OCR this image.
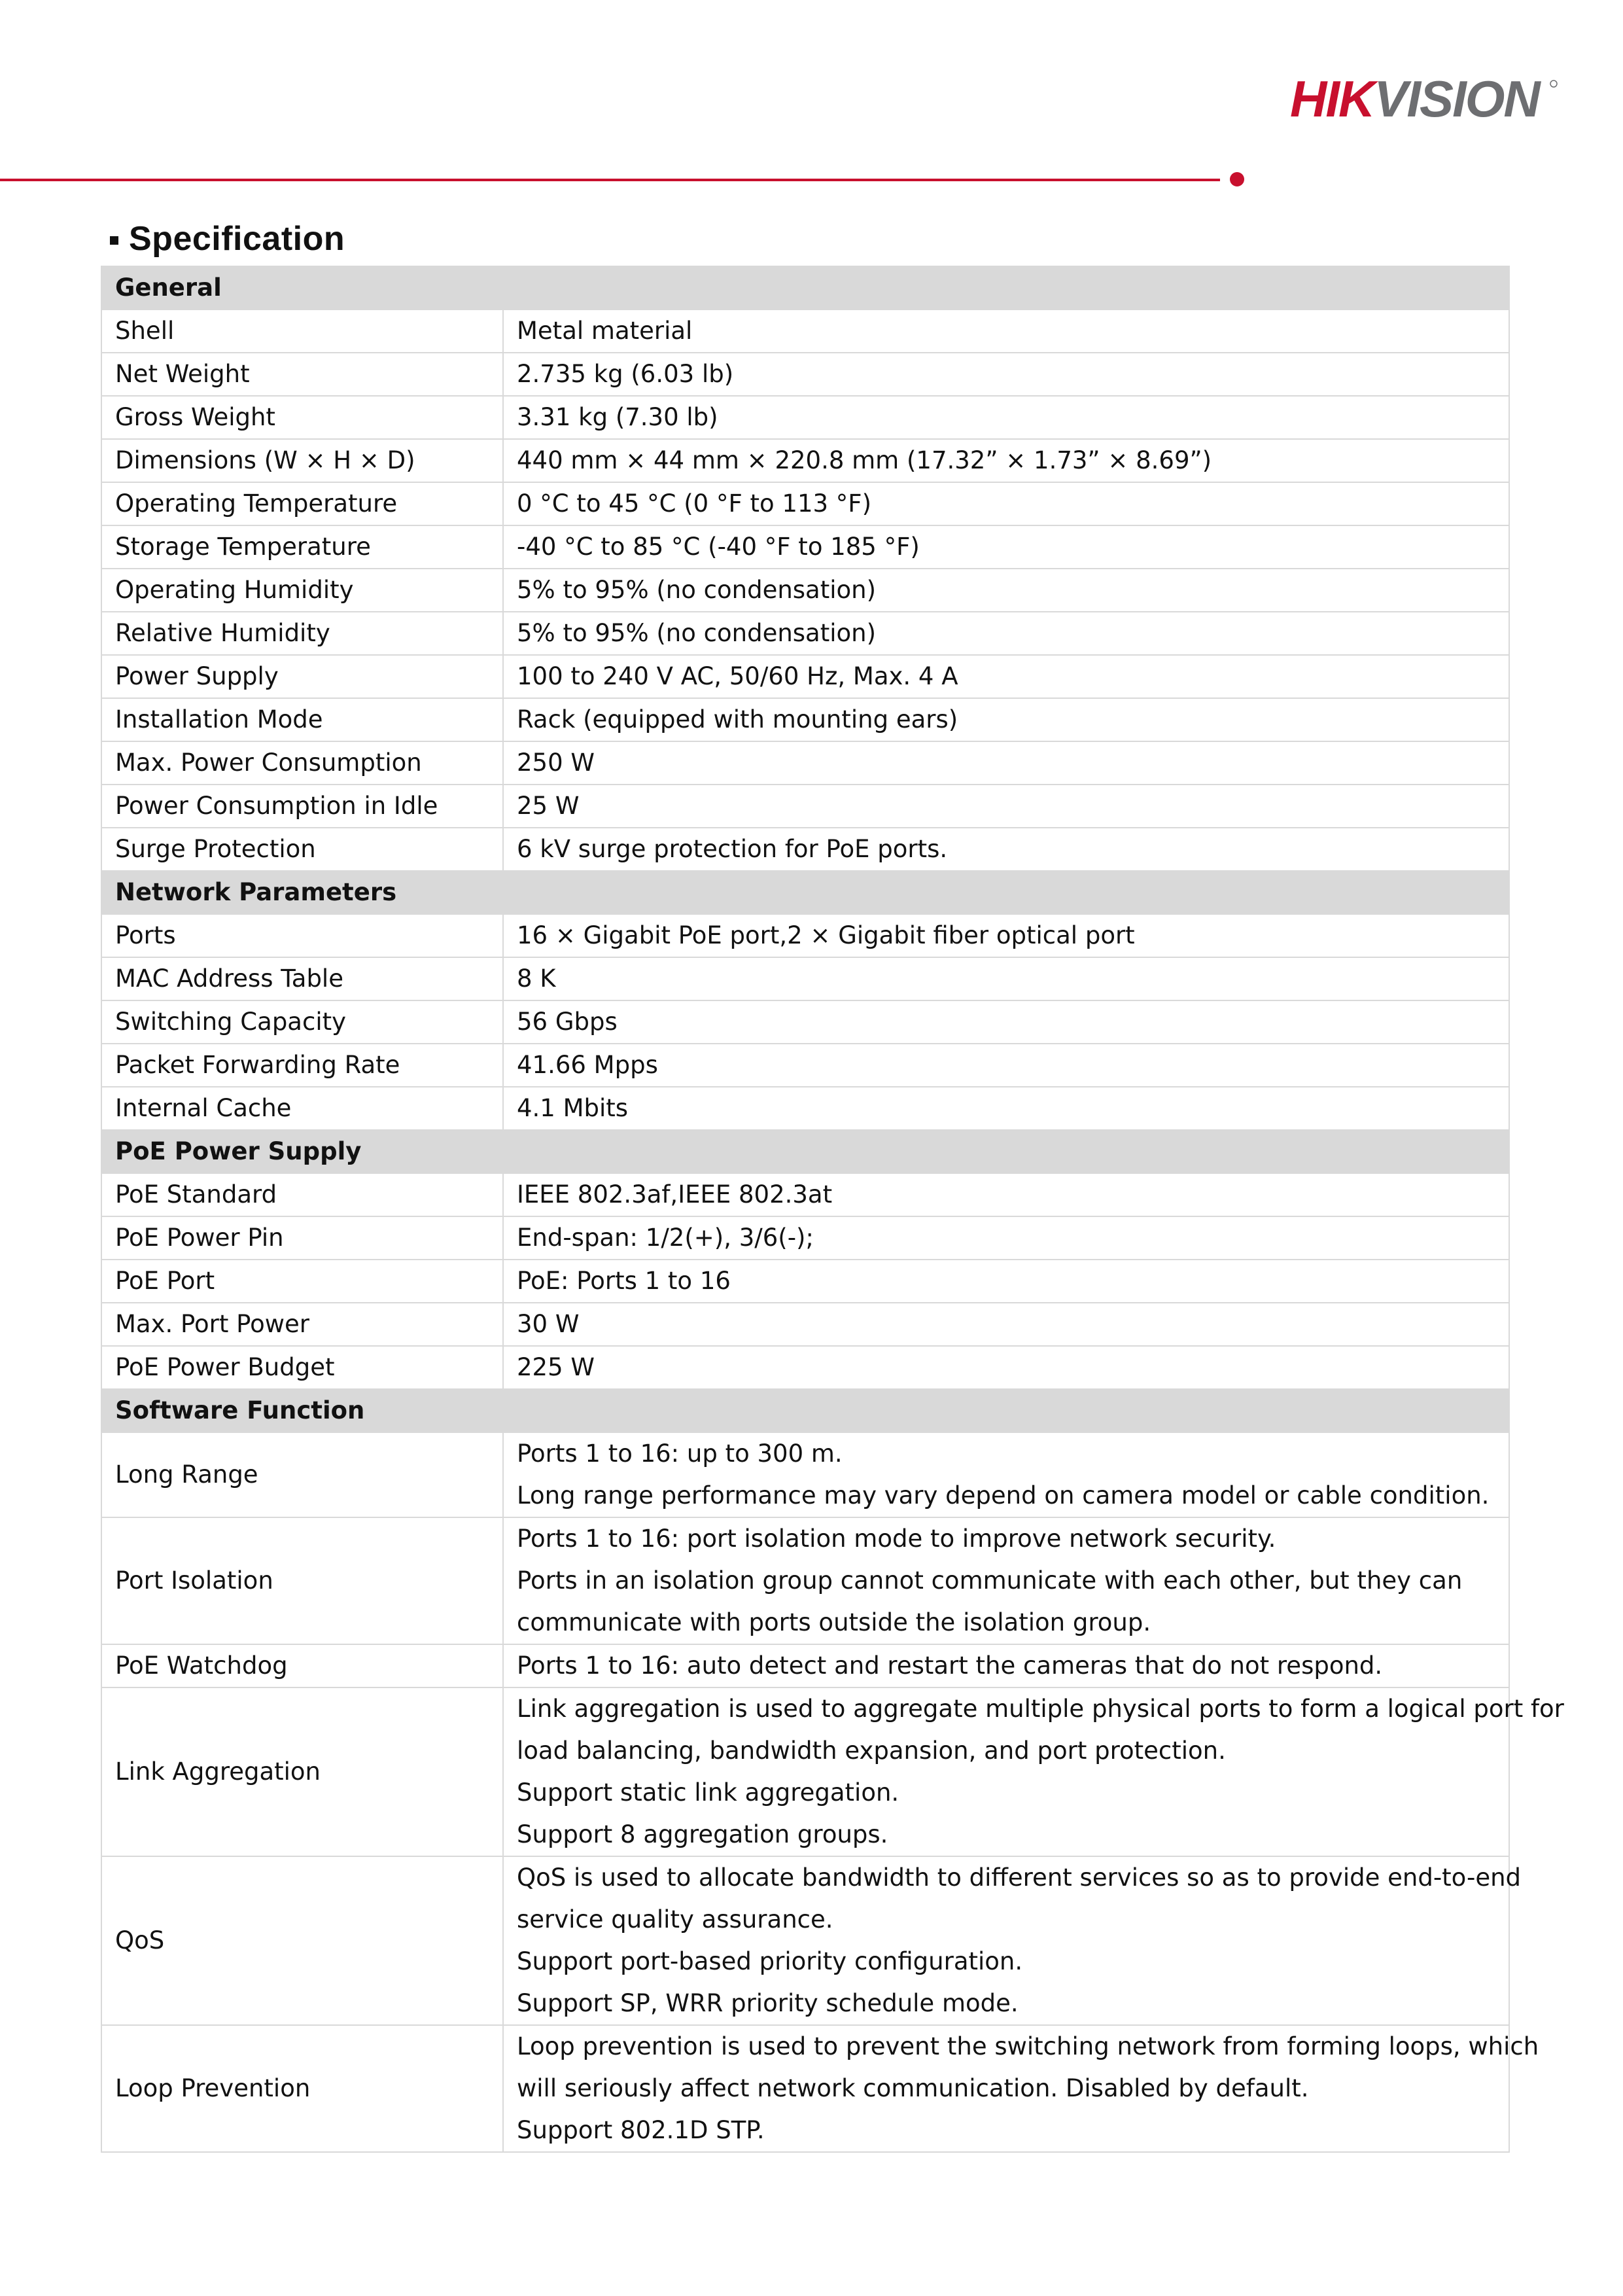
HIKVISION
Specification
General	
Shell	Metal material

Net Weight	2.735 kg (6.03 lb)

Gross Weight	3.31 kg (7.30 lb)

Dimensions (W × H × D)	440 mm × 44 mm × 220.8 mm (17.32” × 1.73” × 8.69”)

Operating Temperature	0 °C to 45 °C (0 °F to 113 °F)

Storage Temperature	-40 °C to 85 °C (-40 °F to 185 °F)

Operating Humidity	5% to 95% (no condensation)

Relative Humidity	5% to 95% (no condensation)

Power Supply	100 to 240 V AC, 50/60 Hz, Max. 4 A

Installation Mode	Rack (equipped with mounting ears)

Max. Power Consumption	250 W

Power Consumption in Idle	25 W

Surge Protection	6 kV surge protection for PoE ports.

Network Parameters	
Ports	16 × Gigabit PoE port,2 × Gigabit fiber optical port

MAC Address Table	8 K

Switching Capacity	56 Gbps

Packet Forwarding Rate	41.66 Mpps

Internal Cache	4.1 Mbits

PoE Power Supply	
PoE Standard	IEEE 802.3af,IEEE 802.3at

PoE Power Pin	End-span: 1/2(+), 3/6(-);

PoE Port	PoE: Ports 1 to 16

Max. Port Power	30 W

PoE Power Budget	225 W

Software Function	
Long Range	Ports 1 to 16: up to 300 m.
Long range performance may vary depend on camera model or cable condition.

Port Isolation	Ports 1 to 16: port isolation mode to improve network security.
Ports in an isolation group cannot communicate with each other, but they can
communicate with ports outside the isolation group.

PoE Watchdog	Ports 1 to 16: auto detect and restart the cameras that do not respond.

Link Aggregation	Link aggregation is used to aggregate multiple physical ports to form a logical port for
load balancing, bandwidth expansion, and port protection.
Support static link aggregation.
Support 8 aggregation groups.

QoS	QoS is used to allocate bandwidth to different services so as to provide end-to-end
service quality assurance.
Support port-based priority configuration.
Support SP, WRR priority schedule mode.

Loop Prevention	Loop prevention is used to prevent the switching network from forming loops, which
will seriously affect network communication. Disabled by default.
Support 802.1D STP.
